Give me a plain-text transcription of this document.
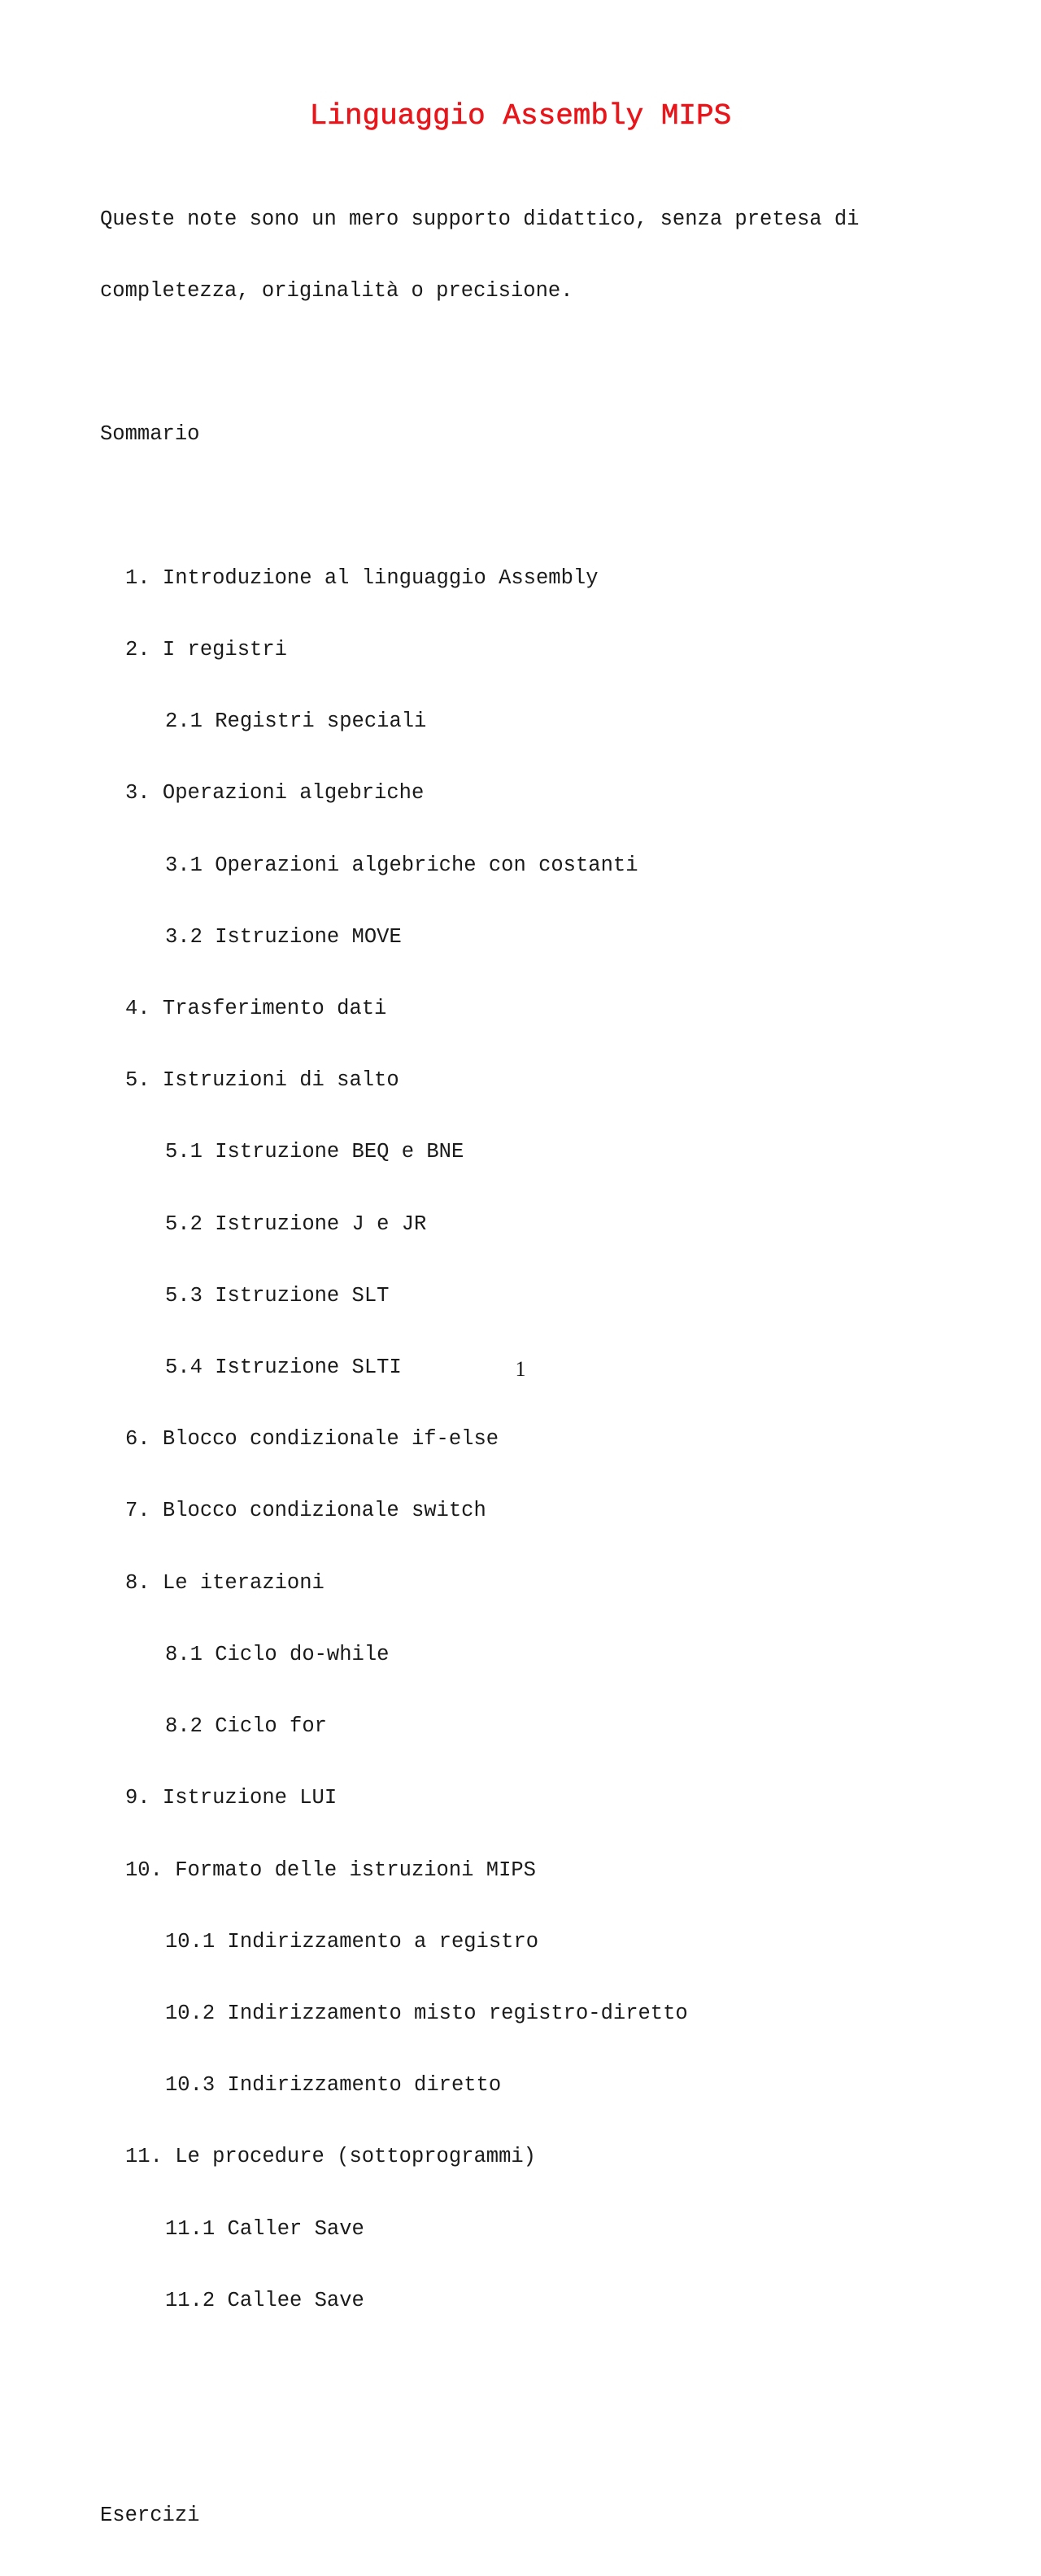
Linguaggio Assembly MIPS

Queste note sono un mero supporto didattico, senza pretesa di

completezza, originalità o precisione.

Sommario

1. Introduzione al linguaggio Assembly

2. I registri

2.1 Registri speciali

3. Operazioni algebriche

3.1 Operazioni algebriche con costanti

3.2 Istruzione MOVE

4. Trasferimento dati

5. Istruzioni di salto

5.1 Istruzione BEQ e BNE

5.2 Istruzione J e JR

5.3 Istruzione SLT

5.4 Istruzione SLTI

6. Blocco condizionale if-else

7. Blocco condizionale switch

8. Le iterazioni

8.1 Ciclo do-while

8.2 Ciclo for

9. Istruzione LUI

10. Formato delle istruzioni MIPS

10.1 Indirizzamento a registro

10.2 Indirizzamento misto registro-diretto

10.3 Indirizzamento diretto

11. Le procedure (sottoprogrammi)

11.1 Caller Save

11.2 Callee Save

Esercizi

1
